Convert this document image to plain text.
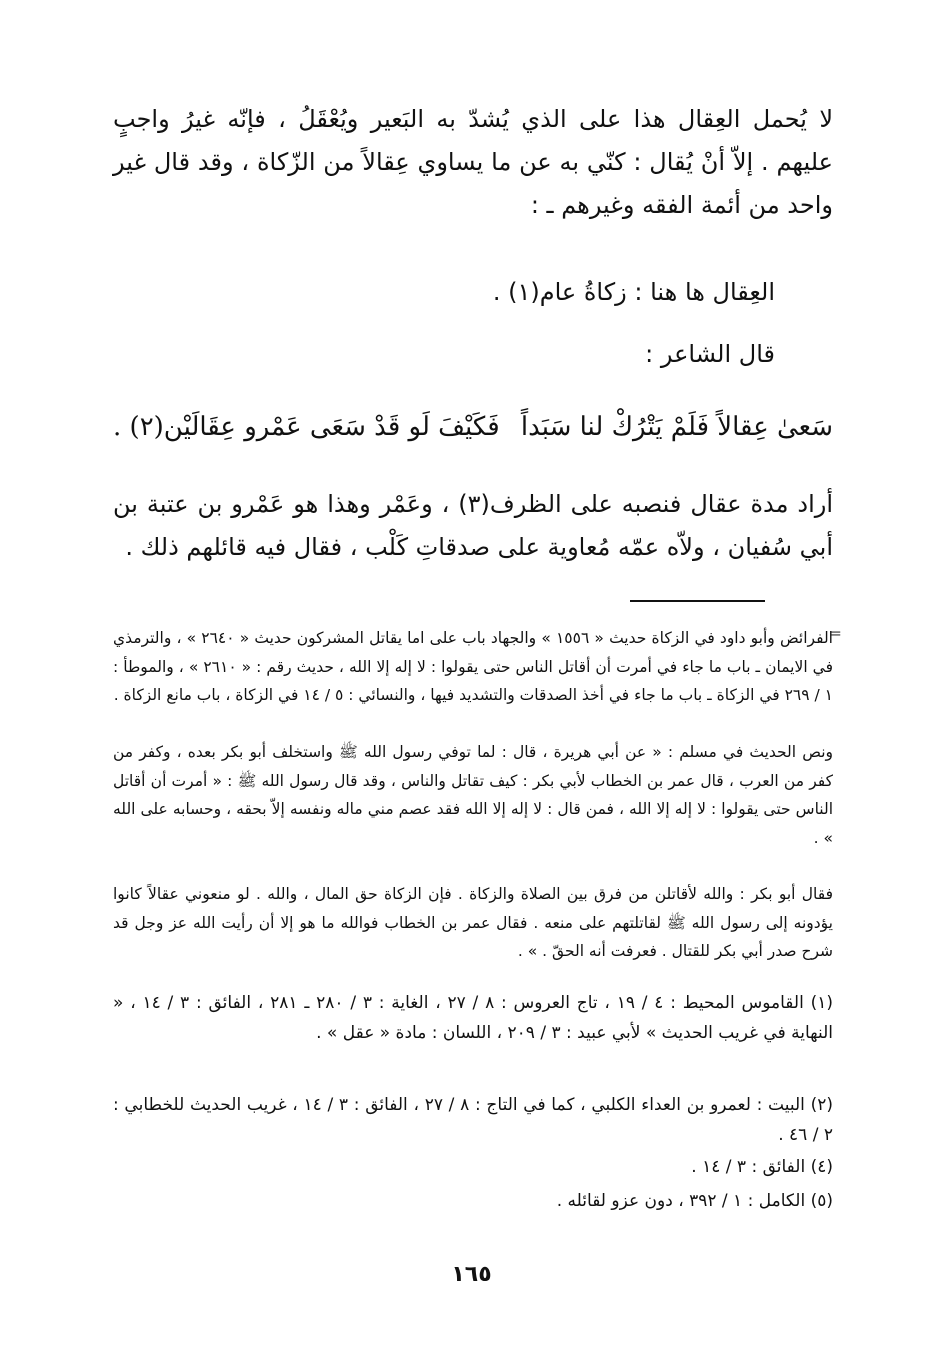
لا يُحمل العِقال هذا على الذي يُشدّ به البَعير ويُعْقَلُ ، فإنّه غيرُ واجبٍ عليهم . إلاّ أنْ يُقال : كنّي به عن ما يساوي عِقالاً من الزّكاة ، وقد قال غير واحد من أئمة الفقه وغيرهم ـ :

العِقال ها هنا : زكاةُ عام(١) .

قال الشاعر :

سَعىٰ عِقالاً فَلَمْ يَتْرُكْ لنا سَبَداً
فَكَيْفَ لَو قَدْ سَعَى عَمْرو عِقَالَيْن(٢) .

أراد مدة عقال فنصبه على الظرف(٣) ، وعَمْر وهذا هو عَمْرو بن عتبة بن أبي سُفيان ، ولاّه عمّه مُعاوية على صدقاتِ كَلْب ، فقال فيه قائلهم ذلك .

=

الفرائض وأبو داود في الزكاة حديث « ١٥٥٦ » والجهاد باب على اما يقاتل المشركون حديث « ٢٦٤٠ » ، والترمذي في الايمان ـ باب ما جاء في أمرت أن أقاتل الناس حتى يقولوا : لا إله إلا الله ، حديث رقم : « ٢٦١٠ » ، والموطأ : ١ / ٢٦٩ في الزكاة ـ باب ما جاء في أخذ الصدقات والتشديد فيها ، والنسائي : ٥ / ١٤ في الزكاة ، باب مانع الزكاة .

ونص الحديث في مسلم : « عن أبي هريرة ، قال : لما توفي رسول الله ﷺ واستخلف أبو بكر بعده ، وكفر من كفر من العرب ، قال عمر بن الخطاب لأبي بكر : كيف تقاتل والناس ، وقد قال رسول الله ﷺ : « أمرت أن أقاتل الناس حتى يقولوا : لا إله إلا الله ، فمن قال : لا إله إلا الله فقد عصم مني ماله ونفسه إلاّ بحقه ، وحسابه على الله » .

فقال أبو بكر : والله لأقاتلن من فرق بين الصلاة والزكاة . فإن الزكاة حق المال ، والله . لو منعوني عقالاً كانوا يؤدونه إلى رسول الله ﷺ لقاتلتهم على منعه . فقال عمر بن الخطاب فوالله ما هو إلا أن رأيت الله عز وجل قد شرح صدر أبي بكر للقتال . فعرفت أنه الحقّ . » .

(١) القاموس المحيط : ٤ / ١٩ ، تاج العروس : ٨ / ٢٧ ، الغاية : ٣ / ٢٨٠ ـ ٢٨١ ، الفائق : ٣ / ١٤ ، « النهاية في غريب الحديث » لأبي عبيد : ٣ / ٢٠٩ ، اللسان : مادة « عقل » .

(٢) البيت : لعمرو بن العداء الكلبي ، كما في التاج : ٨ / ٢٧ ، الفائق : ٣ / ١٤ ، غريب الحديث للخطابي : ٢ / ٤٦ .

(٤) الفائق : ٣ / ١٤ .

(٥) الكامل : ١ / ٣٩٢ ، دون عزو لقائله .

١٦٥
